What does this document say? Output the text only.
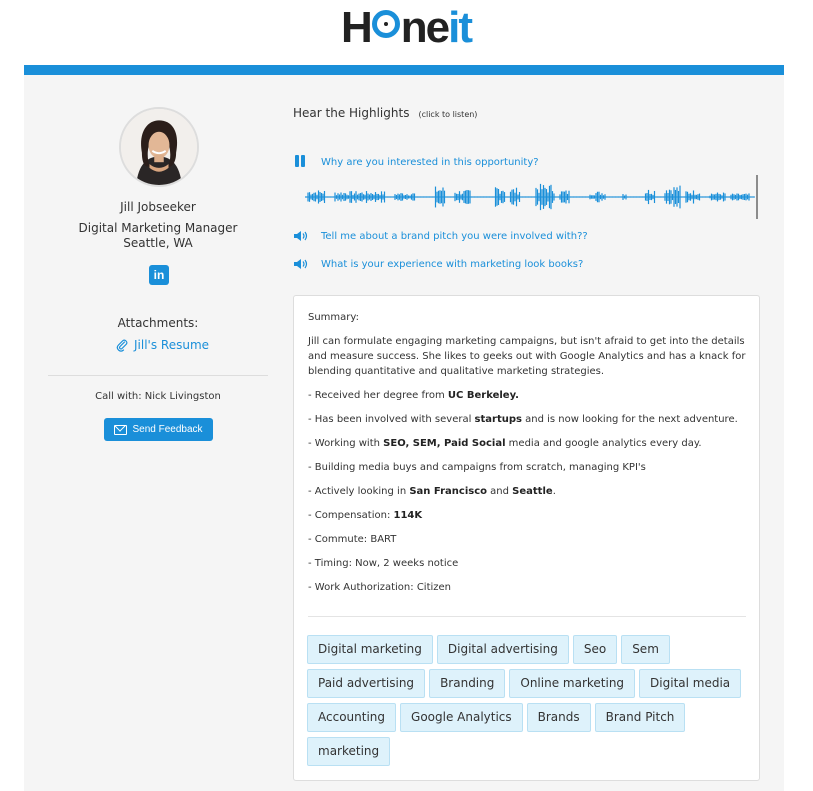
H neit
Jill Jobseeker
Digital Marketing Manager
Seattle, WA
in
Attachments:
Jill's Resume
Call with: Nick Livingston
Send Feedback
Hear the Highlights (click to listen)
Why are you interested in this opportunity?
Tell me about a brand pitch you were involved with??
What is your experience with marketing look books?

Summary:

Jill can formulate engaging marketing campaigns, but isn't afraid to get into the details and measure success. She likes to geeks out with Google Analytics and has a knack for blending quantitative and qualitative marketing strategies.

- Received her degree from UC Berkeley.
- Has been involved with several startups and is now looking for the next adventure.
- Working with SEO, SEM, Paid Social media and google analytics every day.
- Building media buys and campaigns from scratch, managing KPI's
- Actively looking in San Francisco and Seattle.
- Compensation: 114K
- Commute: BART
- Timing: Now, 2 weeks notice
- Work Authorization: Citizen
Digital marketing	Digital advertising	Seo	Sem
Paid advertising	Branding	Online marketing	Digital media
Accounting	Google Analytics	Brands	Brand Pitch
marketing
